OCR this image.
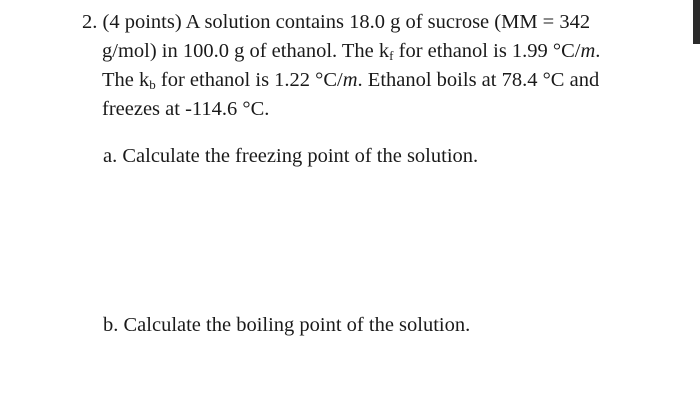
2. (4 points) A solution contains 18.0 g of sucrose (MM = 342
g/mol) in 100.0 g of ethanol. The $k_f$ for ethanol is 1.99 °C/m.
The $k_b$ for ethanol is 1.22 °C/m. Ethanol boils at 78.4 °C and
freezes at -114.6 °C.
a. Calculate the freezing point of the solution.
b. Calculate the boiling point of the solution.
